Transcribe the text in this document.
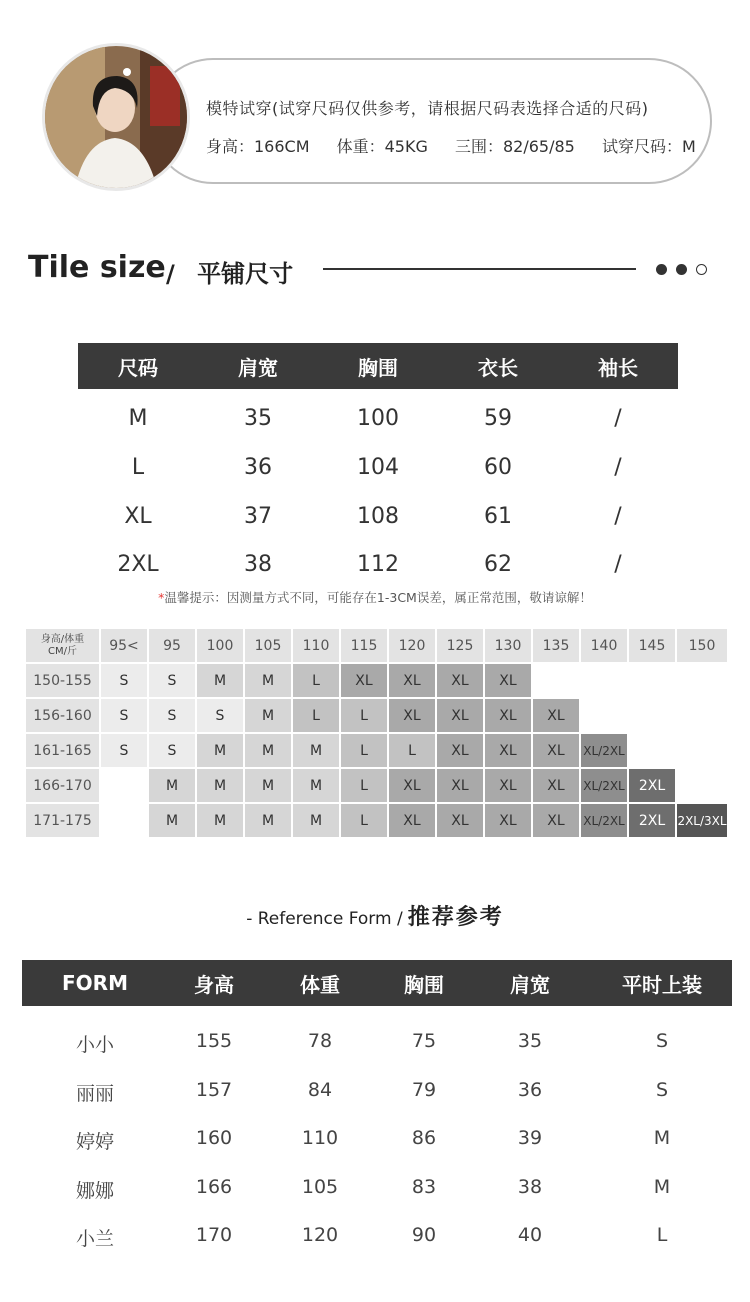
模特试穿(试穿尺码仅供参考，请根据尺码表选择合适的尺码)
身高：166CM 体重：45KG 三围：82/65/85 试穿尺码：M
Tile size / 平铺尺寸
尺码	肩宽	胸围	衣长	袖长
M	35	100	59	/
L	36	104	60	/
XL	37	108	61	/
2XL	38	112	62	/
*温馨提示：因测量方式不同，可能存在1-3CM误差，属正常范围，敬请谅解！
身高/体重
CM/斤	95<	95	100	105	110	115	120	125	130	135	140	145	150
150-155	S	S	M	M	L	XL	XL	XL	XL				
156-160	S	S	S	M	L	L	XL	XL	XL	XL			
161-165	S	S	M	M	M	L	L	XL	XL	XL	XL/2XL		
166-170		M	M	M	M	L	XL	XL	XL	XL	XL/2XL	2XL	
171-175		M	M	M	M	L	XL	XL	XL	XL	XL/2XL	2XL	2XL/3XL
- Reference Form / 推荐参考
FORM	身高	体重	胸围	肩宽	平时上装
小小	155	78	75	35	S
丽丽	157	84	79	36	S
婷婷	160	110	86	39	M
娜娜	166	105	83	38	M
小兰	170	120	90	40	L
